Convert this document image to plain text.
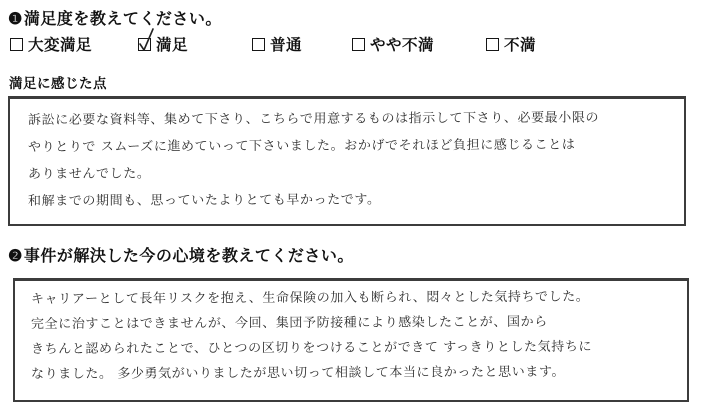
❶満足度を教えてください。
大変満足	満足	普通	やや不満	不満
満足に感じた点
訴訟に必要な資料等、集めて下さり、こちらで用意するものは指示して下さり、必要最小限の
やりとりで スムーズに進めていって下さいました。おかげでそれほど負担に感じることは
ありませんでした。
和解までの期間も、思っていたよりとても早かったです。
❷事件が解決した今の心境を教えてください。
キャリアーとして長年リスクを抱え、生命保険の加入も断られ、悶々とした気持ちでした。
完全に治すことはできませんが、今回、集団予防接種により感染したことが、国から
きちんと認められたことで、ひとつの区切りをつけることができて すっきりとした気持ちに
なりました。 多少勇気がいりましたが思い切って相談して本当に良かったと思います。
